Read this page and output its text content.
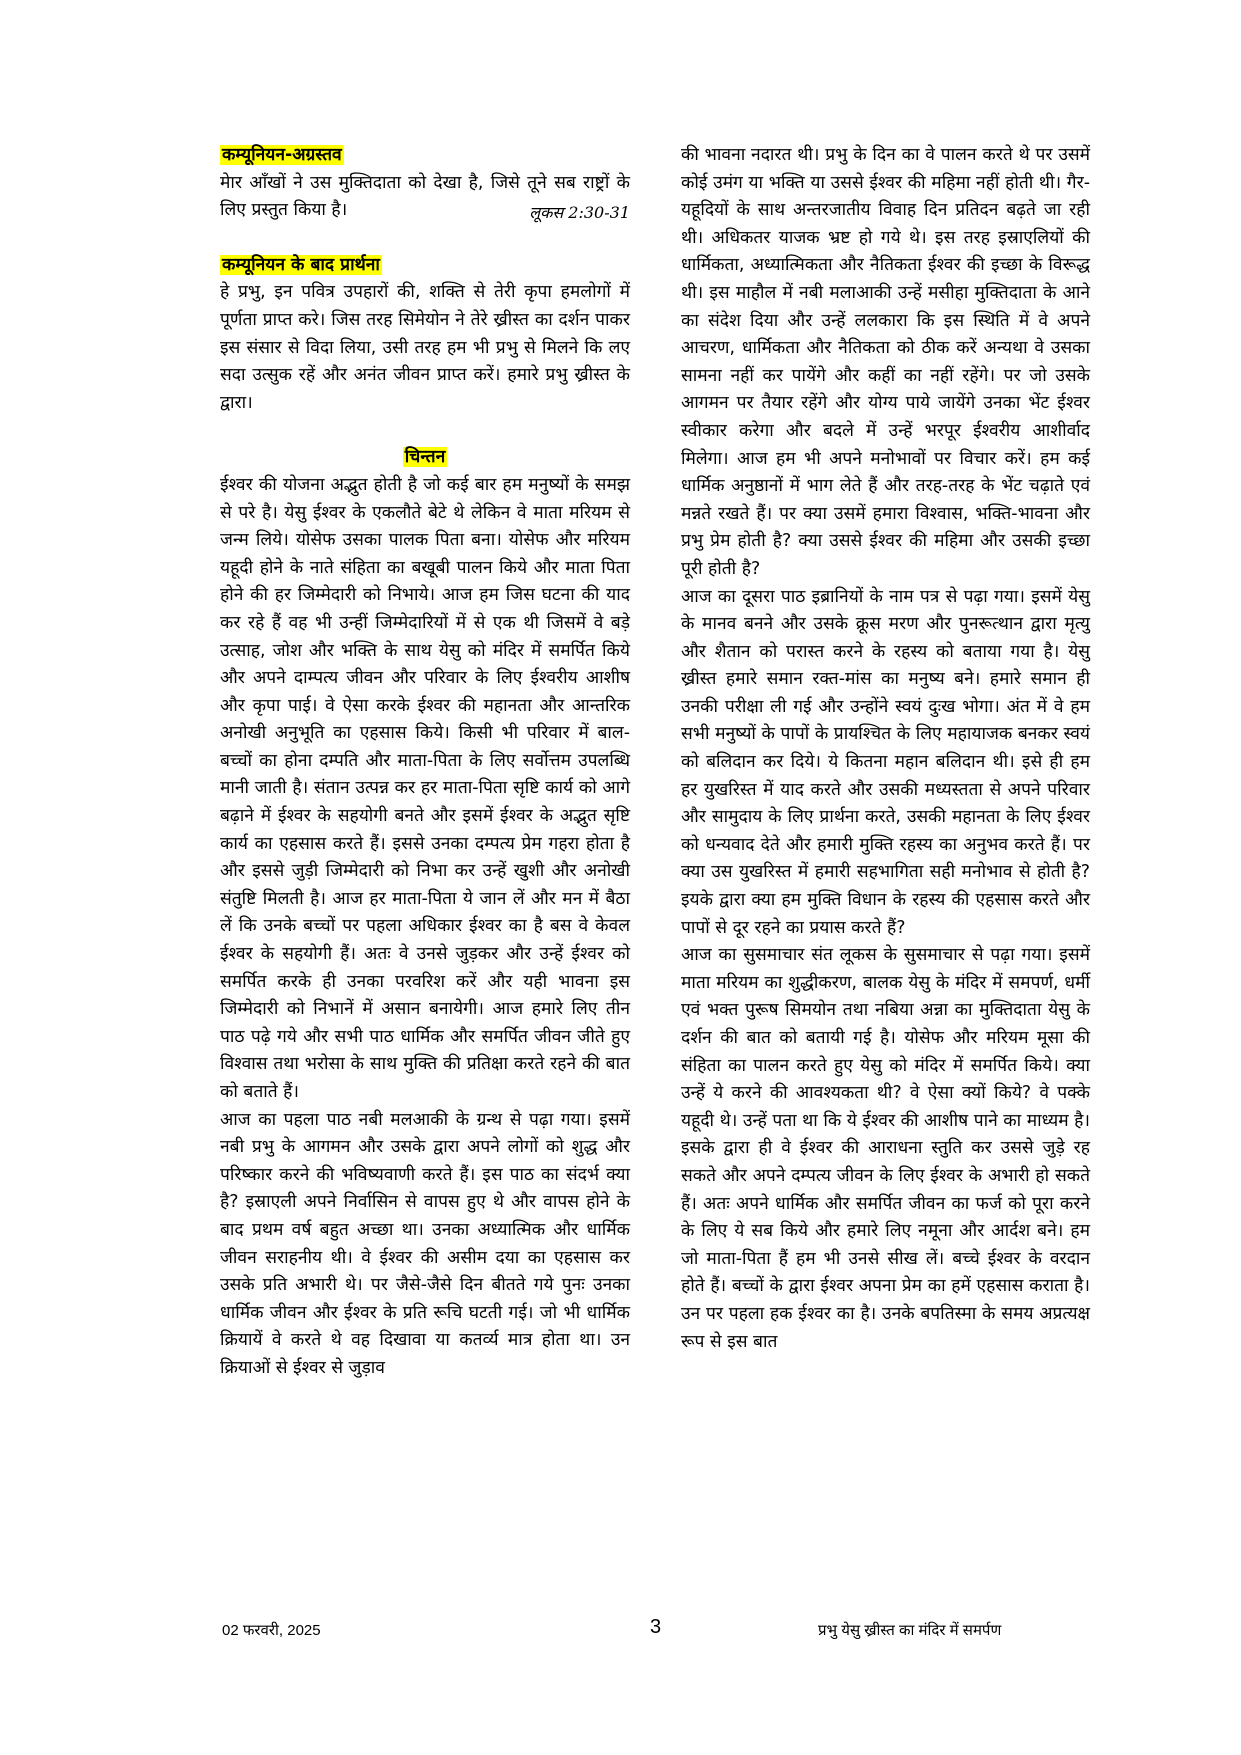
कम्यूनियन-अग्रस्तव

मेार आँखों ने उस मुक्तिदाता को देखा है, जिसे तूने सब राष्ट्रों के लिए प्रस्तुत किया है।	लूकस 2:30-31

कम्यूनियन के बाद प्रार्थना

हे प्रभु, इन पवित्र उपहारों की, शक्ति से तेरी कृपा हमलोगों में पूर्णता प्राप्त करे। जिस तरह सिमेयोन ने तेरे ख्रीस्त का दर्शन पाकर इस संसार से विदा लिया, उसी तरह हम भी प्रभु से मिलने कि लए सदा उत्सुक रहें और अनंत जीवन प्राप्त करें। हमारे प्रभु ख्रीस्त के द्वारा।

चिन्तन

ईश्वर की योजना अद्भुत होती है जो कई बार हम मनुष्यों के समझ से परे है। येसु ईश्वर के एकलौते बेटे थे लेकिन वे माता मरियम से जन्म लिये। योसेफ उसका पालक पिता बना। योसेफ और मरियम यहूदी होने के नाते संहिता का बखूबी पालन किये और माता पिता होने की हर जिम्मेदारी को निभाये। आज हम जिस घटना की याद कर रहे हैं वह भी उन्हीं जिम्मेदारियों में से एक थी जिसमें वे बड़े उत्साह, जोश और भक्ति के साथ येसु को मंदिर में समर्पित किये और अपने दाम्पत्य जीवन और परिवार के लिए ईश्वरीय आशीष और कृपा पाई। वे ऐसा करके ईश्वर की महानता और आन्तरिक अनोखी अनुभूति का एहसास किये। किसी भी परिवार में बाल-बच्चों का होना दम्पति और माता-पिता के लिए सर्वोत्तम उपलब्धि मानी जाती है। संतान उत्पन्न कर हर माता-पिता सृष्टि कार्य को आगे बढ़ाने में ईश्वर के सहयोगी बनते और इसमें ईश्वर के अद्भुत सृष्टि कार्य का एहसास करते हैं। इससे उनका दम्पत्य प्रेम गहरा होता है और इससे जुड़ी जिम्मेदारी को निभा कर उन्हें खुशी और अनोखी संतुष्टि मिलती है। आज हर माता-पिता ये जान लें और मन में बैठा लें कि उनके बच्चों पर पहला अधिकार ईश्वर का है बस वे केवल ईश्वर के सहयोगी हैं। अतः वे उनसे जुड़कर और उन्हें ईश्वर को समर्पित करके ही उनका परवरिश करें और यही भावना इस जिम्मेदारी को निभानें में असान बनायेगी। आज हमारे लिए तीन पाठ पढ़े गये और सभी पाठ धार्मिक और समर्पित जीवन जीते हुए विश्वास तथा भरोसा के साथ मुक्ति की प्रतिक्षा करते रहने की बात को बताते हैं।

आज का पहला पाठ नबी मलआकी के ग्रन्थ से पढ़ा गया। इसमें नबी प्रभु के आगमन और उसके द्वारा अपने लोगों को शुद्ध और परिष्कार करने की भविष्यवाणी करते हैं। इस पाठ का संदर्भ क्या है? इस्राएली अपने निर्वासिन से वापस हुए थे और वापस होने के बाद प्रथम वर्ष बहुत अच्छा था। उनका अध्यात्मिक और धार्मिक जीवन सराहनीय थी। वे ईश्वर की असीम दया का एहसास कर उसके प्रति अभारी थे। पर जैसे-जैसे दिन बीतते गये पुनः उनका धार्मिक जीवन और ईश्वर के प्रति रूचि घटती गई। जो भी धार्मिक क्रियायें वे करते थे वह दिखावा या कतर्व्य मात्र होता था। उन क्रियाओं से ईश्वर से जुड़ाव

की भावना नदारत थी। प्रभु के दिन का वे पालन करते थे पर उसमें कोई उमंग या भक्ति या उससे ईश्वर की महिमा नहीं होती थी। गैर-यहूदियों के साथ अन्तरजातीय विवाह दिन प्रतिदन बढ़ते जा रही थी। अधिकतर याजक भ्रष्ट हो गये थे। इस तरह इस्राएलियों की धार्मिकता, अध्यात्मिकता और नैतिकता ईश्वर की इच्छा के विरूद्ध थी। इस माहौल में नबी मलाआकी उन्हें मसीहा मुक्तिदाता के आने का संदेश दिया और उन्हें ललकारा कि इस स्थिति में वे अपने आचरण, धार्मिकता और नैतिकता को ठीक करें अन्यथा वे उसका सामना नहीं कर पायेंगे और कहीं का नहीं रहेंगे। पर जो उसके आगमन पर तैयार रहेंगे और योग्य पाये जायेंगे उनका भेंट ईश्वर स्वीकार करेगा और बदले में उन्हें भरपूर ईश्वरीय आशीर्वाद मिलेगा। आज हम भी अपने मनोभावों पर विचार करें। हम कई धार्मिक अनुष्ठानों में भाग लेते हैं और तरह-तरह के भेंट चढ़ाते एवं मन्नते रखते हैं। पर क्या उसमें हमारा विश्वास, भक्ति-भावना और प्रभु प्रेम होती है? क्या उससे ईश्वर की महिमा और उसकी इच्छा पूरी होती है?

आज का दूसरा पाठ इब्रानियों के नाम पत्र से पढ़ा गया। इसमें येसु के मानव बनने और उसके क्रूस मरण और पुनरूत्थान द्वारा मृत्यु और शैतान को परास्त करने के रहस्य को बताया गया है। येसु ख्रीस्त हमारे समान रक्त-मांस का मनुष्य बने। हमारे समान ही उनकी परीक्षा ली गई और उन्होंने स्वयं दुःख भोगा। अंत में वे हम सभी मनुष्यों के पापों के प्रायश्चित के लिए महायाजक बनकर स्वयं को बलिदान कर दिये। ये कितना महान बलिदान थी। इसे ही हम हर युखरिस्त में याद करते और उसकी मध्यस्तता से अपने परिवार और सामुदाय के लिए प्रार्थना करते, उसकी महानता के लिए ईश्वर को धन्यवाद देते और हमारी मुक्ति रहस्य का अनुभव करते हैं। पर क्या उस युखरिस्त में हमारी सहभागिता सही मनोभाव से होती है? इयके द्वारा क्या हम मुक्ति विधान के रहस्य की एहसास करते और पापों से दूर रहने का प्रयास करते हैं?

आज का सुसमाचार संत लूकस के सुसमाचार से पढ़ा गया। इसमें माता मरियम का शुद्धीकरण, बालक येसु के मंदिर में समपर्ण, धर्मी एवं भक्त पुरूष सिमयोन तथा नबिया अन्ना का मुक्तिदाता येसु के दर्शन की बात को बतायी गई है। योसेफ और मरियम मूसा की संहिता का पालन करते हुए येसु को मंदिर में समर्पित किये। क्या उन्हें ये करने की आवश्यकता थी? वे ऐसा क्यों किये? वे पक्के यहूदी थे। उन्हें पता था कि ये ईश्वर की आशीष पाने का माध्यम है। इसके द्वारा ही वे ईश्वर की आराधना स्तुति कर उससे जुड़े रह सकते और अपने दम्पत्य जीवन के लिए ईश्वर के अभारी हो सकते हैं। अतः अपने धार्मिक और समर्पित जीवन का फर्ज को पूरा करने के लिए ये सब किये और हमारे लिए नमूना और आर्दश बने। हम जो माता-पिता हैं हम भी उनसे सीख लें। बच्चे ईश्वर के वरदान होते हैं। बच्चों के द्वारा ईश्वर अपना प्रेम का हमें एहसास कराता है। उन पर पहला हक ईश्वर का है। उनके बपतिस्मा के समय अप्रत्यक्ष रूप से इस बात

02 फरवरी, 2025	3	प्रभु येसु ख्रीस्त का मंदिर में समर्पण
